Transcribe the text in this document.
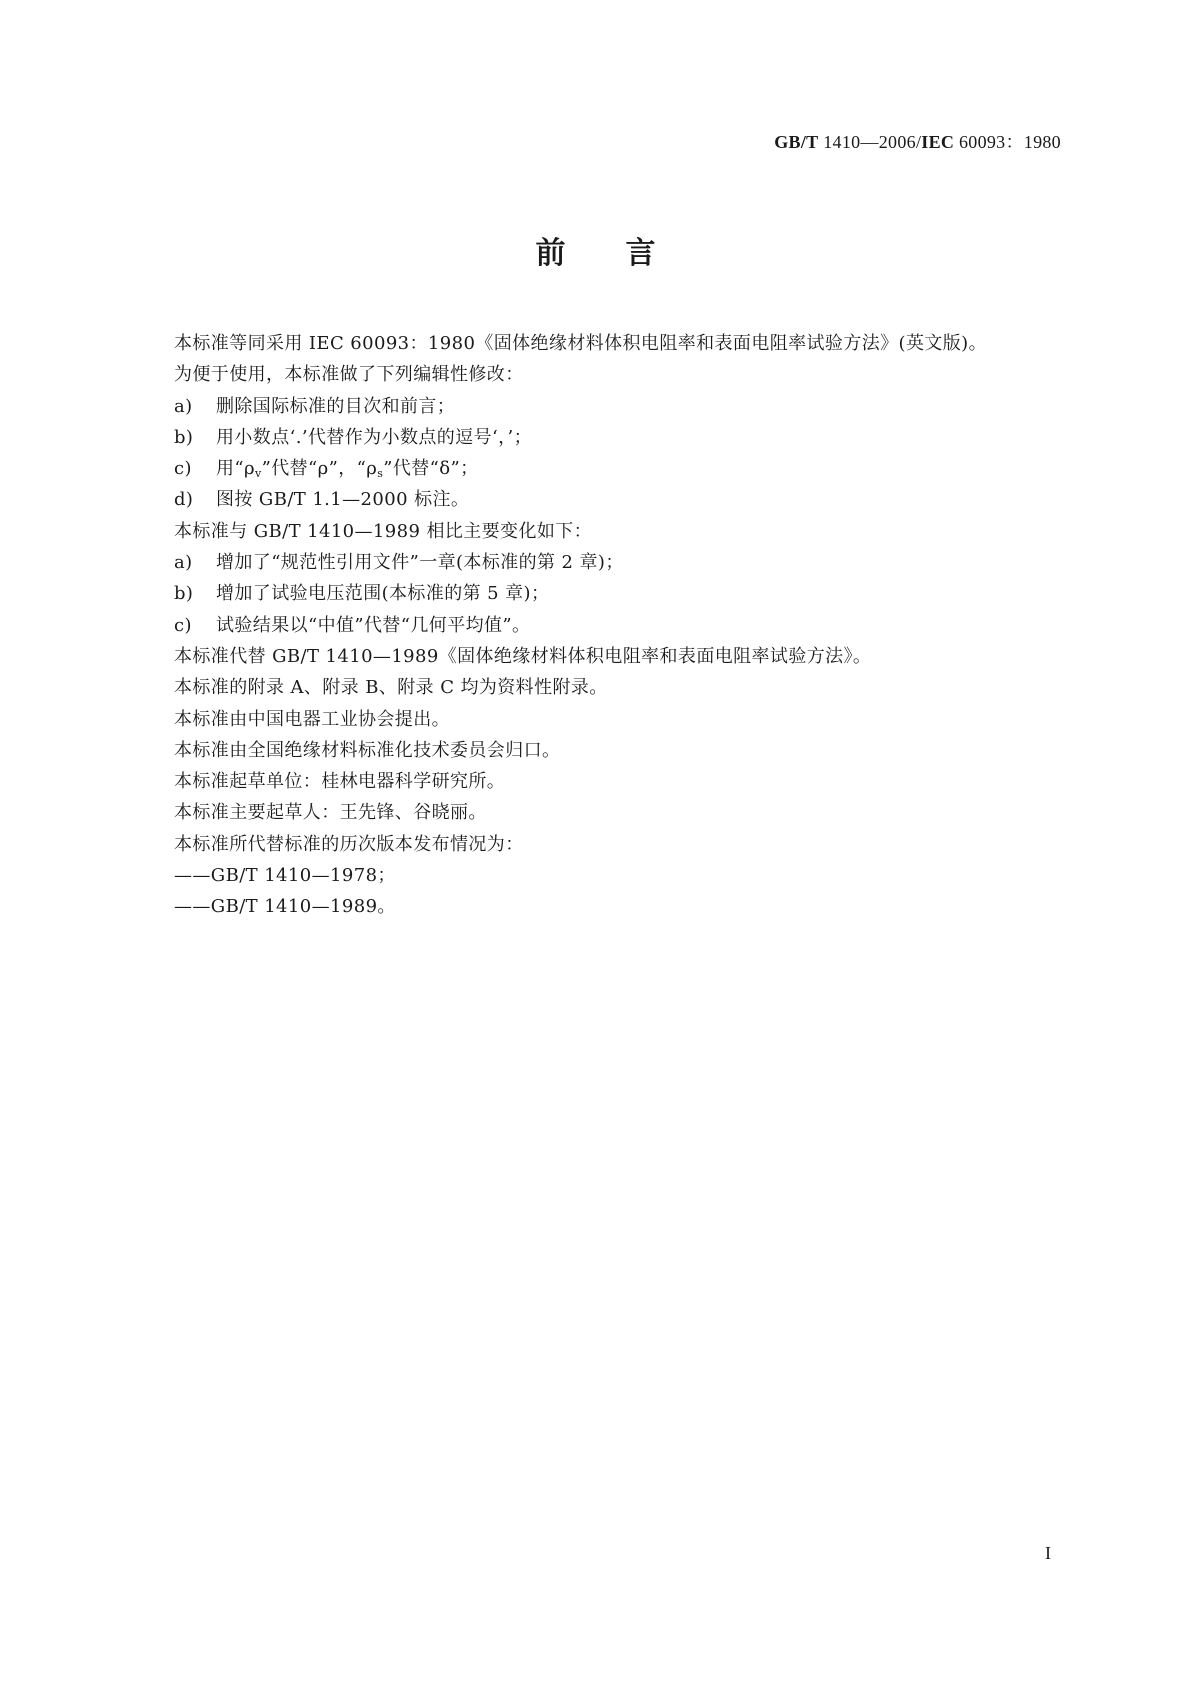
GB/T 1410—2006/IEC 60093：1980
前言
本标准等同采用 IEC 60093：1980《固体绝缘材料体积电阻率和表面电阻率试验方法》(英文版)。
为便于使用，本标准做了下列编辑性修改：
a)	删除国际标准的目次和前言；
b)	用小数点‘.’代替作为小数点的逗号‘，’；
c)	用“$\rho_v$”代替“ρ”，“$\rho_s$”代替“δ”；
d)	图按 GB/T 1.1—2000 标注。
本标准与 GB/T 1410—1989 相比主要变化如下：
a)	增加了“规范性引用文件”一章(本标准的第 2 章)；
b)	增加了试验电压范围(本标准的第 5 章)；
c)	试验结果以“中值”代替“几何平均值”。
本标准代替 GB/T 1410—1989《固体绝缘材料体积电阻率和表面电阻率试验方法》。
本标准的附录 A、附录 B、附录 C 均为资料性附录。
本标准由中国电器工业协会提出。
本标准由全国绝缘材料标准化技术委员会归口。
本标准起草单位：桂林电器科学研究所。
本标准主要起草人：王先锋、谷晓丽。
本标准所代替标准的历次版本发布情况为：
——GB/T 1410—1978；
——GB/T 1410—1989。
I
